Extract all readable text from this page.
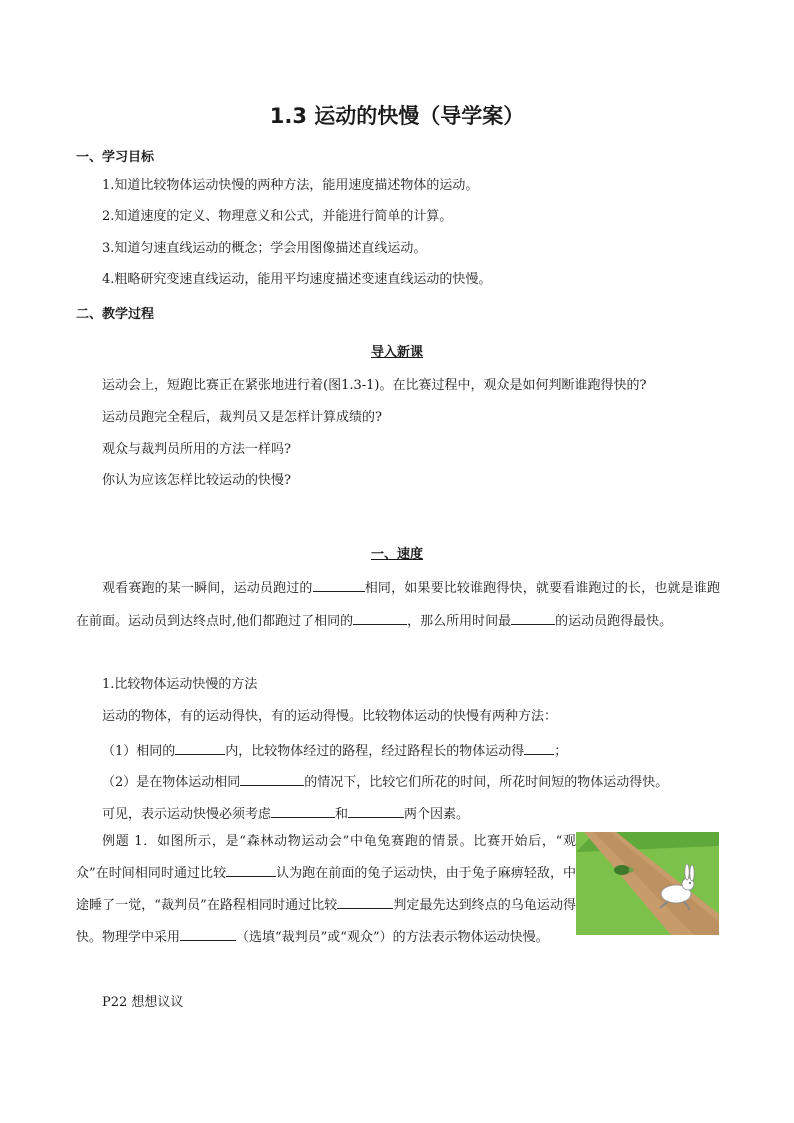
1.3 运动的快慢（导学案）
一、学习目标
1.知道比较物体运动快慢的两种方法，能用速度描述物体的运动。
2.知道速度的定义、物理意义和公式，并能进行简单的计算。
3.知道匀速直线运动的概念；学会用图像描述直线运动。
4.粗略研究变速直线运动，能用平均速度描述变速直线运动的快慢。
二、教学过程
导入新课
运动会上，短跑比赛正在紧张地进行着(图1.3-1)。在比赛过程中，观众是如何判断谁跑得快的?
运动员跑完全程后，裁判员又是怎样计算成绩的?
观众与裁判员所用的方法一样吗?
你认为应该怎样比较运动的快慢?
一、速度
观看赛跑的某一瞬间，运动员跑过的	相同，如果要比较谁跑得快，就要看谁跑过的长，也就是谁跑在前面。运动员到达终点时,他们都跑过了相同的	，那么所用时间最	的运动员跑得最快。
1.比较物体运动快慢的方法
运动的物体，有的运动得快，有的运动得慢。比较物体运动的快慢有两种方法：
（1）相同的	内，比较物体经过的路程，经过路程长的物体运动得 ；
（2）是在物体运动相同	的情况下，比较它们所花的时间，所花时间短的物体运动得快。
可见，表示运动快慢必须考虑	和	两个因素。
例题 1．如图所示，是“森林动物运动会”中龟兔赛跑的情景。比赛开始后，“观众”在时间相同时通过比较	认为跑在前面的兔子运动快，由于兔子麻痹轻敌，中途睡了一觉，“裁判员”在路程相同时通过比较	判定最先达到终点的乌龟运动得快。物理学中采用	（选填“裁判员”或“观众”）的方法表示物体运动快慢。
P22 想想议议
